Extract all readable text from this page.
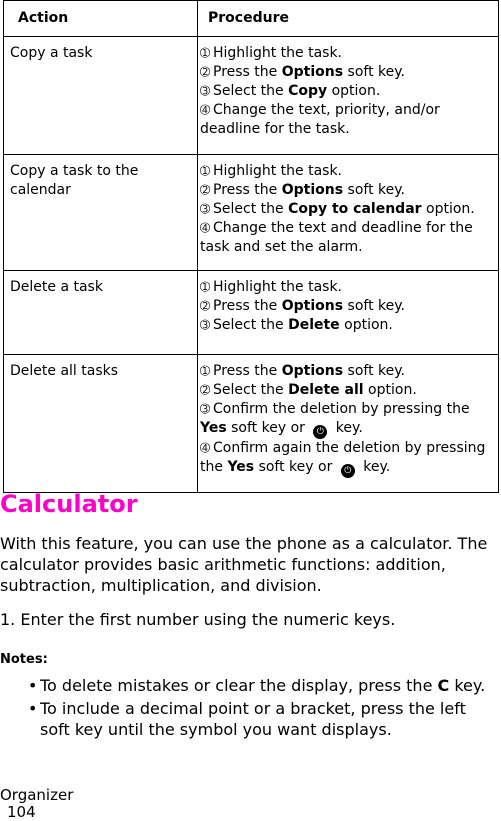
Action	Procedure
Copy a task	➀ Highlight the task.
➁ Press the Options soft key.
➂ Select the Copy option.
➃ Change the text, priority, and/or deadline for the task.

Copy a task to the calendar	➀ Highlight the task.
➁ Press the Options soft key.
➂ Select the Copy to calendar option.
➃ Change the text and deadline for the task and set the alarm.

Delete a task	➀ Highlight the task.
➁ Press the Options soft key.
➂ Select the Delete option.

Delete all tasks	➀ Press the Options soft key.
➁ Select the Delete all option.
➂ Confirm the deletion by pressing the Yes soft key or ⏻ key.
➃ Confirm again the deletion by pressing the Yes soft key or ⏻ key.
Calculator

With this feature, you can use the phone as a calculator. The calculator provides basic arithmetic functions: addition, subtraction, multiplication, and division.

1. Enter the first number using the numeric keys.

Notes:

• To delete mistakes or clear the display, press the C key.
• To include a decimal point or a bracket, press the left soft key until the symbol you want displays.

Organizer

104
